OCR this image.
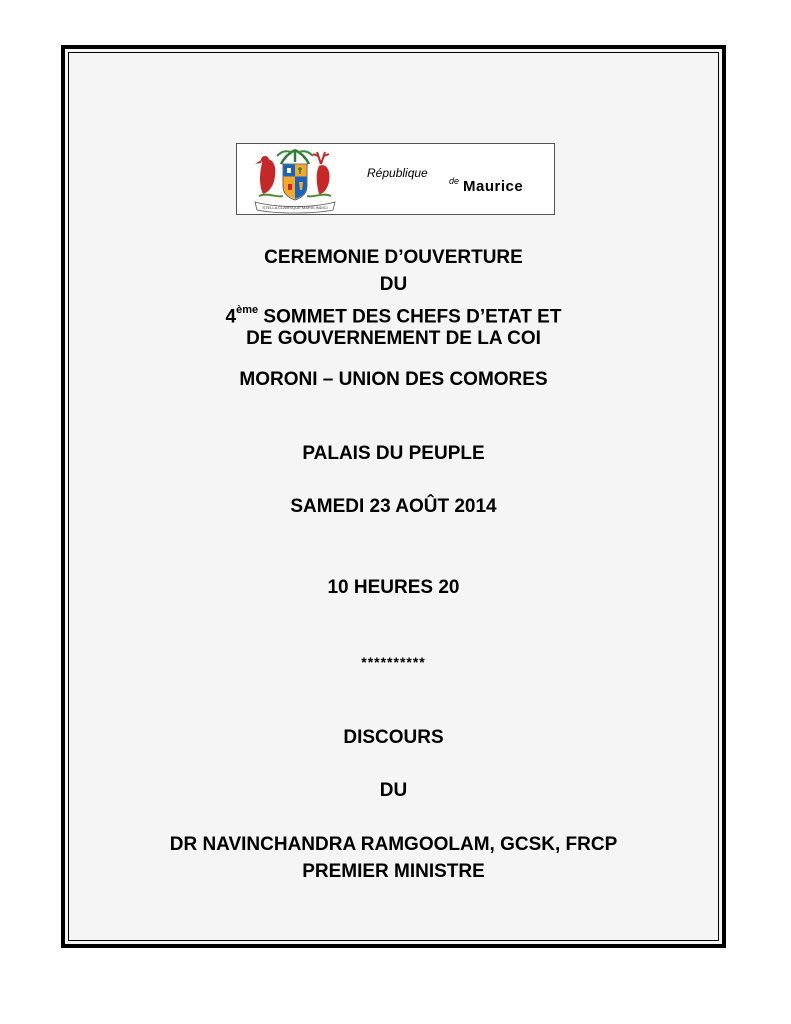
STELLA CLAVISQUE MARIS INDICI
République
de Maurice
CEREMONIE D’OUVERTURE
DU
4ème SOMMET DES CHEFS D’ETAT ET
DE GOUVERNEMENT DE LA COI
MORONI – UNION DES COMORES
PALAIS DU PEUPLE
SAMEDI 23 AOÛT 2014
10 HEURES 20
**********
DISCOURS
DU
DR NAVINCHANDRA RAMGOOLAM, GCSK, FRCP
PREMIER MINISTRE
